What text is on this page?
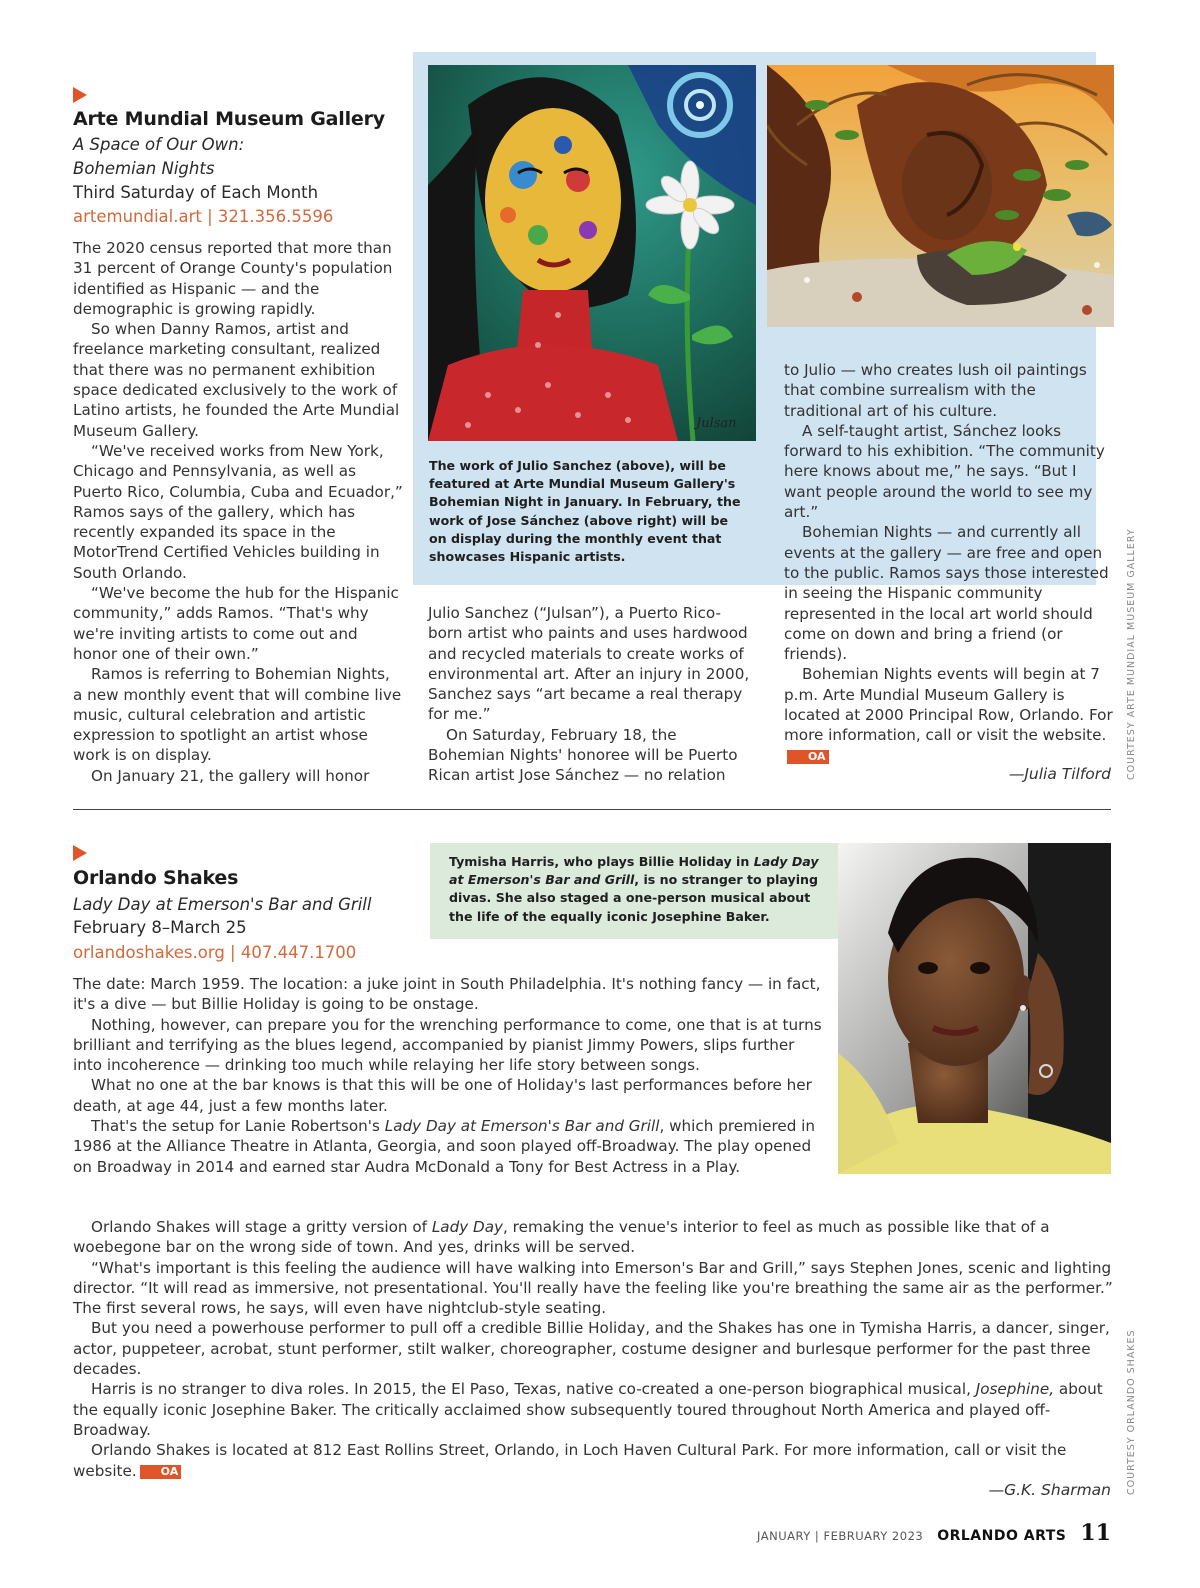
Arte Mundial Museum Gallery
A Space of Our Own:
Bohemian Nights
Third Saturday of Each Month
artemundial.art | 321.356.5596
Julsan
The work of Julio Sanchez (above), will be featured at Arte Mundial Museum Gallery's Bohemian Night in January. In February, the work of Jose Sánchez (above right) will be on display during the monthly event that showcases Hispanic artists.

The 2020 census reported that more than 31 percent of Orange County's population identified as Hispanic — and the demographic is growing rapidly.

So when Danny Ramos, artist and freelance marketing consultant, realized that there was no permanent exhibition space dedicated exclusively to the work of Latino artists, he founded the Arte Mundial Museum Gallery.

“We've received works from New York, Chicago and Pennsylvania, as well as Puerto Rico, Columbia, Cuba and Ecuador,” Ramos says of the gallery, which has recently expanded its space in the MotorTrend Certified Vehicles building in South Orlando.

“We've become the hub for the Hispanic community,” adds Ramos. “That's why we're inviting artists to come out and honor one of their own.”

Ramos is referring to Bohemian Nights, a new monthly event that will combine live music, cultural celebration and artistic expression to spotlight an artist whose work is on display.

On January 21, the gallery will honor

Julio Sanchez (“Julsan”), a Puerto Rico-born artist who paints and uses hardwood and recycled materials to create works of environmental art. After an injury in 2000, Sanchez says “art became a real therapy for me.”

On Saturday, February 18, the Bohemian Nights' honoree will be Puerto Rican artist Jose Sánchez — no relation

to Julio — who creates lush oil paintings that combine surrealism with the traditional art of his culture.

A self-taught artist, Sánchez looks forward to his exhibition. “The community here knows about me,” he says. “But I want people around the world to see my art.”

Bohemian Nights — and currently all events at the gallery — are free and open to the public. Ramos says those interested in seeing the Hispanic community represented in the local art world should come on down and bring a friend (or friends).

Bohemian Nights events will begin at 7 p.m. Arte Mundial Museum Gallery is located at 2000 Principal Row, Orlando. For more information, call or visit the website.OA

—Julia Tilford COURTESY ARTE MUNDIAL MUSEUM GALLERY
Orlando Shakes
Lady Day at Emerson's Bar and Grill
February 8–March 25
orlandoshakes.org | 407.447.1700
Tymisha Harris, who plays Billie Holiday in Lady Day at Emerson's Bar and Grill, is no stranger to playing divas. She also staged a one-person musical about the life of the equally iconic Josephine Baker.

The date: March 1959. The location: a juke joint in South Philadelphia. It's nothing fancy — in fact, it's a dive — but Billie Holiday is going to be onstage.

Nothing, however, can prepare you for the wrenching performance to come, one that is at turns brilliant and terrifying as the blues legend, accompanied by pianist Jimmy Powers, slips further into incoherence — drinking too much while relaying her life story between songs.

What no one at the bar knows is that this will be one of Holiday's last performances before her death, at age 44, just a few months later.

That's the setup for Lanie Robertson's Lady Day at Emerson's Bar and Grill, which premiered in 1986 at the Alliance Theatre in Atlanta, Georgia, and soon played off-Broadway. The play opened on Broadway in 2014 and earned star Audra McDonald a Tony for Best Actress in a Play.

Orlando Shakes will stage a gritty version of Lady Day, remaking the venue's interior to feel as much as possible like that of a woebegone bar on the wrong side of town. And yes, drinks will be served.

“What's important is this feeling the audience will have walking into Emerson's Bar and Grill,” says Stephen Jones, scenic and lighting director. “It will read as immersive, not presentational. You'll really have the feeling like you're breathing the same air as the performer.” The first several rows, he says, will even have nightclub-style seating.

But you need a powerhouse performer to pull off a credible Billie Holiday, and the Shakes has one in Tymisha Harris, a dancer, singer, actor, puppeteer, acrobat, stunt performer, stilt walker, choreographer, costume designer and burlesque performer for the past three decades.

Harris is no stranger to diva roles. In 2015, the El Paso, Texas, native co-created a one-person biographical musical, Josephine, about the equally iconic Josephine Baker. The critically acclaimed show subsequently toured throughout North America and played off-Broadway.

Orlando Shakes is located at 812 East Rollins Street, Orlando, in Loch Haven Cultural Park. For more information, call or visit the website. OA

—G.K. Sharman COURTESY ORLANDO SHAKES
JANUARY | FEBRUARY 2023 ORLANDO ARTS 11
